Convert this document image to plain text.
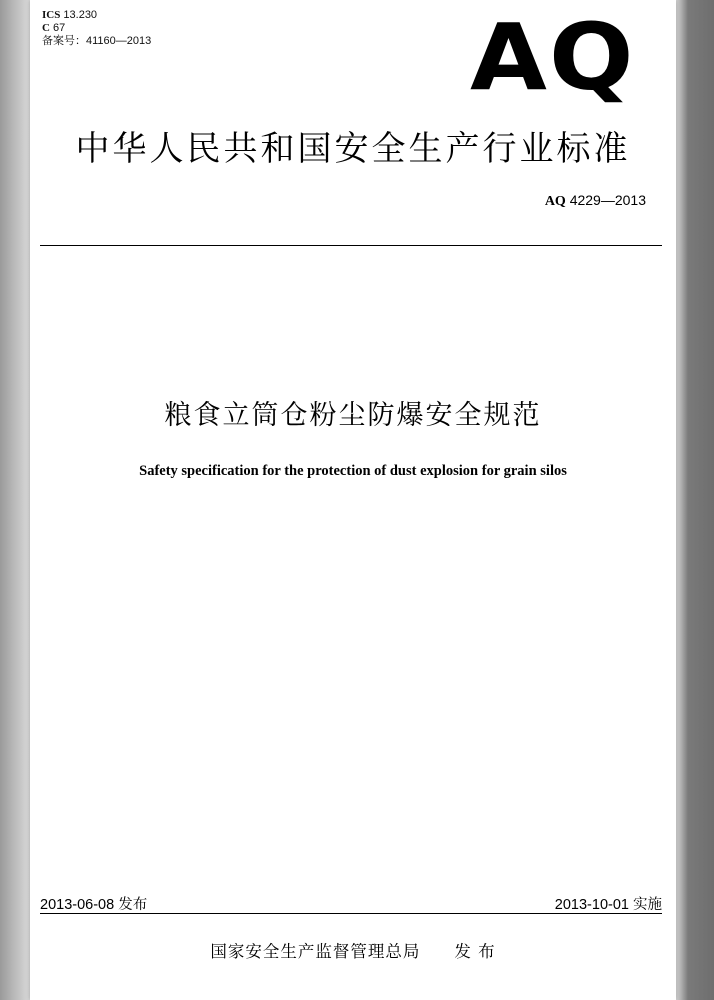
ICS 13.230
C 67
备案号：41160—2013	AQ
中华人民共和国安全生产行业标准
AQ 4229—2013
粮食立筒仓粉尘防爆安全规范
Safety specification for the protection of dust explosion for grain silos
2013-06-08 发布	2013-10-01 实施
国家安全生产监督管理总局 发 布
